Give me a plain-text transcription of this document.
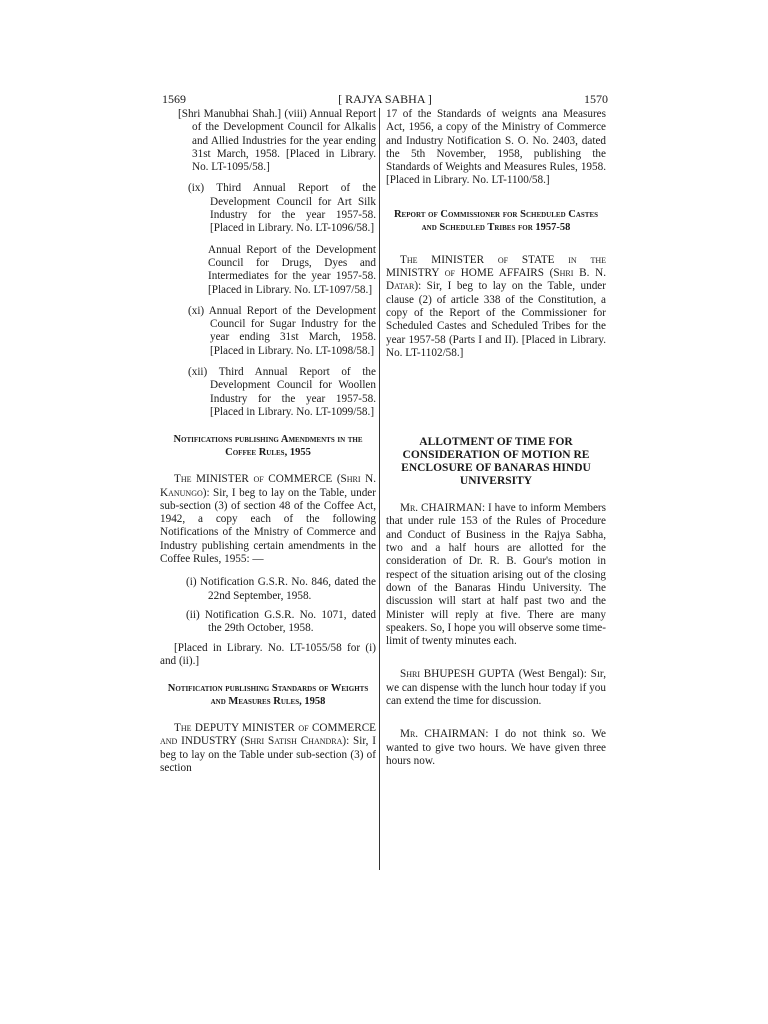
1569	[ RAJYA SABHA ]	1570

[Shri Manubhai Shah.] (viii) Annual Report of the Development Council for Alkalis and Allied Industries for the year ending 31st March, 1958. [Placed in Library. No. LT-1095/58.]

(ix) Third Annual Report of the Development Council for Art Silk Industry for the year 1957-58. [Placed in Library. No. LT-1096/58.]

Annual Report of the Development Council for Drugs, Dyes and Intermediates for the year 1957-58. [Placed in Library. No. LT-1097/58.]

(xi) Annual Report of the Development Council for Sugar Industry for the year ending 31st March, 1958. [Placed in Library. No. LT-1098/58.]

(xii) Third Annual Report of the Development Council for Woollen Industry for the year 1957-58. [Placed in Library. No. LT-1099/58.]

Notifications publishing Amendments in the Coffee Rules, 1955

The MINISTER of COMMERCE (Shri N. Kanungo): Sir, I beg to lay on the Table, under sub-section (3) of section 48 of the Coffee Act, 1942, a copy each of the following Notifications of the Mnistry of Commerce and Industry publishing certain amendments in the Coffee Rules, 1955: —

(i) Notification G.S.R. No. 846, dated the 22nd September, 1958.

(ii) Notification G.S.R. No. 1071, dated the 29th October, 1958.

[Placed in Library. No. LT-1055/58 for (i) and (ii).]

Notification publishing Standards of Weights and Measures Rules, 1958

The DEPUTY MINISTER of COMMERCE and INDUSTRY (Shri Satish Chandra): Sir, I beg to lay on the Table under sub-section (3) of section

17 of the Standards of weignts ana Measures Act, 1956, a copy of the Ministry of Commerce and Industry Notification S. O. No. 2403, dated the 5th November, 1958, publishing the Standards of Weights and Measures Rules, 1958. [Placed in Library. No. LT-1100/58.]

Report of Commissioner for Scheduled Castes and Scheduled Tribes for 1957-58

The MINISTER of STATE in the MINISTRY of HOME AFFAIRS (Shri B. N. Datar): Sir, I beg to lay on the Table, under clause (2) of article 338 of the Constitution, a copy of the Report of the Commissioner for Scheduled Castes and Scheduled Tribes for the year 1957-58 (Parts I and II). [Placed in Library. No. LT-1102/58.]

ALLOTMENT OF TIME FOR CONSIDERATION OF MOTION RE ENCLOSURE OF BANARAS HINDU UNIVERSITY

Mr. CHAIRMAN: I have to inform Members that under rule 153 of the Rules of Procedure and Conduct of Business in the Rajya Sabha, two and a half hours are allotted for the consideration of Dr. R. B. Gour's motion in respect of the situation arising out of the closing down of the Banaras Hindu University. The discussion will start at half past two and the Minister will reply at five. There are many speakers. So, I hope you will observe some time-limit of twenty minutes each.

Shri BHUPESH GUPTA (West Bengal): Sır, we can dispense with the lunch hour today if you can extend the time for discussion.

Mr. CHAIRMAN: I do not think so. We wanted to give two hours. We have given three hours now.
